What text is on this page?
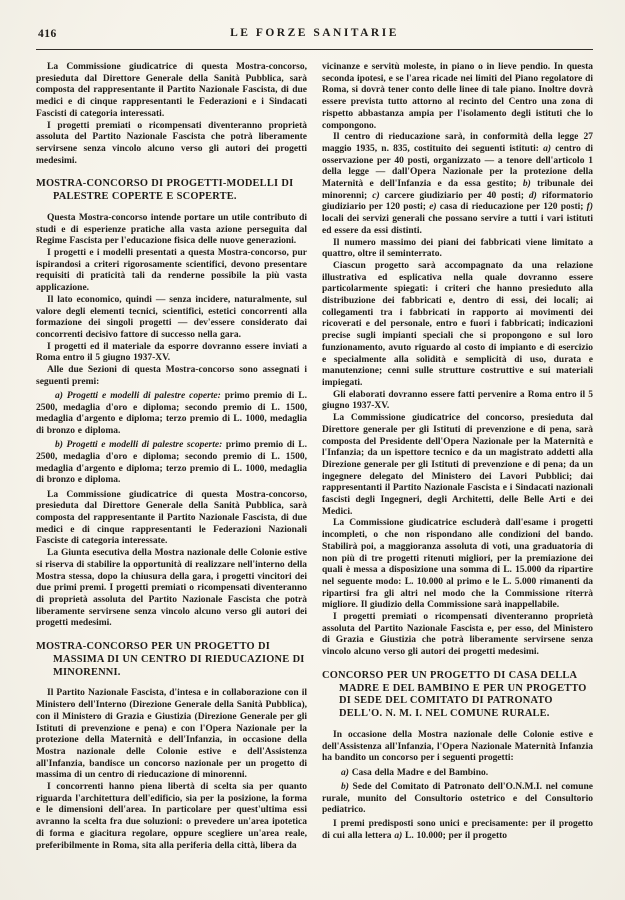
416	LE FORZE SANITARIE

La Commissione giudicatrice di questa Mostra-concorso, presieduta dal Direttore Generale della Sanità Pubblica, sarà composta del rappresentante il Partito Nazionale Fascista, di due medici e di cinque rappresentanti le Federazioni e i Sindacati Fascisti di categoria interessati.

I progetti premiati o ricompensati diventeranno proprietà assoluta del Partito Nazionale Fascista che potrà liberamente servirsene senza vincolo alcuno verso gli autori dei progetti medesimi.

MOSTRA-CONCORSO DI PROGETTI-MODELLI DI PALESTRE COPERTE E SCOPERTE.

Questa Mostra-concorso intende portare un utile contributo di studi e di esperienze pratiche alla vasta azione perseguita dal Regime Fascista per l'educazione fisica delle nuove generazioni.

I progetti e i modelli presentati a questa Mostra-concorso, pur ispirandosi a criteri rigorosamente scientifici, devono presentare requisiti di praticità tali da renderne possibile la più vasta applicazione.

Il lato economico, quindi — senza incidere, naturalmente, sul valore degli elementi tecnici, scientifici, estetici concorrenti alla formazione dei singoli progetti — dev'essere considerato dai concorrenti decisivo fattore di successo nella gara.

I progetti ed il materiale da esporre dovranno essere inviati a Roma entro il 5 giugno 1937-XV.

Alle due Sezioni di questa Mostra-concorso sono assegnati i seguenti premi:

a) Progetti e modelli di palestre coperte: primo premio di L. 2500, medaglia d'oro e diploma; secondo premio di L. 1500, medaglia d'argento e diploma; terzo premio di L. 1000, medaglia di bronzo e diploma.

b) Progetti e modelli di palestre scoperte: primo premio di L. 2500, medaglia d'oro e diploma; secondo premio di L. 1500, medaglia d'argento e diploma; terzo premio di L. 1000, medaglia di bronzo e diploma.

La Commissione giudicatrice di questa Mostra-concorso, presieduta dal Direttore Generale della Sanità Pubblica, sarà composta del rappresentante il Partito Nazionale Fascista, di due medici e di cinque rappresentanti le Federazioni Nazionali Fasciste di categoria interessate.

La Giunta esecutiva della Mostra nazionale delle Colonie estive si riserva di stabilire la opportunità di realizzare nell'interno della Mostra stessa, dopo la chiusura della gara, i progetti vincitori dei due primi premi. I progetti premiati o ricompensati diventeranno di proprietà assoluta del Partito Nazionale Fascista che potrà liberamente servirsene senza vincolo alcuno verso gli autori dei progetti medesimi.

MOSTRA-CONCORSO PER UN PROGETTO DI MASSIMA DI UN CENTRO DI RIEDUCAZIONE DI MINORENNI.

Il Partito Nazionale Fascista, d'intesa e in collaborazione con il Ministero dell'Interno (Direzione Generale della Sanità Pubblica), con il Ministero di Grazia e Giustizia (Direzione Generale per gli Istituti di prevenzione e pena) e con l'Opera Nazionale per la protezione della Maternità e dell'Infanzia, in occasione della Mostra nazionale delle Colonie estive e dell'Assistenza all'Infanzia, bandisce un concorso nazionale per un progetto di massima di un centro di rieducazione di minorenni.

I concorrenti hanno piena libertà di scelta sia per quanto riguarda l'architettura dell'edificio, sia per la posizione, la forma e le dimensioni dell'area. In particolare per quest'ultima essi avranno la scelta fra due soluzioni: o prevedere un'area ipotetica di forma e giacitura regolare, oppure scegliere un'area reale, preferibilmente in Roma, sita alla periferia della città, libera da

vicinanze e servitù moleste, in piano o in lieve pendio. In questa seconda ipotesi, e se l'area ricade nei limiti del Piano regolatore di Roma, si dovrà tener conto delle linee di tale piano. Inoltre dovrà essere prevista tutto attorno al recinto del Centro una zona di rispetto abbastanza ampia per l'isolamento degli istituti che lo compongono.

Il centro di rieducazione sarà, in conformità della legge 27 maggio 1935, n. 835, costituito dei seguenti istituti: a) centro di osservazione per 40 posti, organizzato — a tenore dell'articolo 1 della legge — dall'Opera Nazionale per la protezione della Maternità e dell'Infanzia e da essa gestito; b) tribunale dei minorenni; c) carcere giudiziario per 40 posti; d) riformatorio giudiziario per 120 posti; e) casa di rieducazione per 120 posti; f) locali dei servizi generali che possano servire a tutti i vari istituti ed essere da essi distinti.

Il numero massimo dei piani dei fabbricati viene limitato a quattro, oltre il seminterrato.

Ciascun progetto sarà accompagnato da una relazione illustrativa ed esplicativa nella quale dovranno essere particolarmente spiegati: i criteri che hanno presieduto alla distribuzione dei fabbricati e, dentro di essi, dei locali; ai collegamenti tra i fabbricati in rapporto ai movimenti dei ricoverati e del personale, entro e fuori i fabbricati; indicazioni precise sugli impianti speciali che si propongono e sul loro funzionamento, avuto riguardo al costo di impianto e di esercizio e specialmente alla solidità e semplicità di uso, durata e manutenzione; cenni sulle strutture costruttive e sui materiali impiegati.

Gli elaborati dovranno essere fatti pervenire a Roma entro il 5 giugno 1937-XV.

La Commissione giudicatrice del concorso, presieduta dal Direttore generale per gli Istituti di prevenzione e di pena, sarà composta del Presidente dell'Opera Nazionale per la Maternità e l'Infanzia; da un ispettore tecnico e da un magistrato addetti alla Direzione generale per gli Istituti di prevenzione e di pena; da un ingegnere delegato del Ministero dei Lavori Pubblici; dai rappresentanti il Partito Nazionale Fascista e i Sindacati nazionali fascisti degli Ingegneri, degli Architetti, delle Belle Arti e dei Medici.

La Commissione giudicatrice escluderà dall'esame i progetti incompleti, o che non rispondano alle condizioni del bando. Stabilirà poi, a maggioranza assoluta di voti, una graduatoria di non più di tre progetti ritenuti migliori, per la premiazione dei quali è messa a disposizione una somma di L. 15.000 da ripartire nel seguente modo: L. 10.000 al primo e le L. 5.000 rimanenti da ripartirsi fra gli altri nel modo che la Commissione riterrà migliore. Il giudizio della Commissione sarà inappellabile.

I progetti premiati o ricompensati diventeranno proprietà assoluta del Partito Nazionale Fascista e, per esso, del Ministero di Grazia e Giustizia che potrà liberamente servirsene senza vincolo alcuno verso gli autori dei progetti medesimi.

CONCORSO PER UN PROGETTO DI CASA DELLA MADRE E DEL BAMBINO E PER UN PROGETTO DI SEDE DEL COMITATO DI PATRONATO DELL'O. N. M. I. NEL COMUNE RURALE.

In occasione della Mostra nazionale delle Colonie estive e dell'Assistenza all'Infanzia, l'Opera Nazionale Maternità Infanzia ha bandito un concorso per i seguenti progetti:

a) Casa della Madre e del Bambino.

b) Sede del Comitato di Patronato dell'O.N.M.I. nel comune rurale, munito del Consultorio ostetrico e del Consultorio pediatrico.

I premi predisposti sono unici e precisamente: per il progetto di cui alla lettera a) L. 10.000; per il progetto
